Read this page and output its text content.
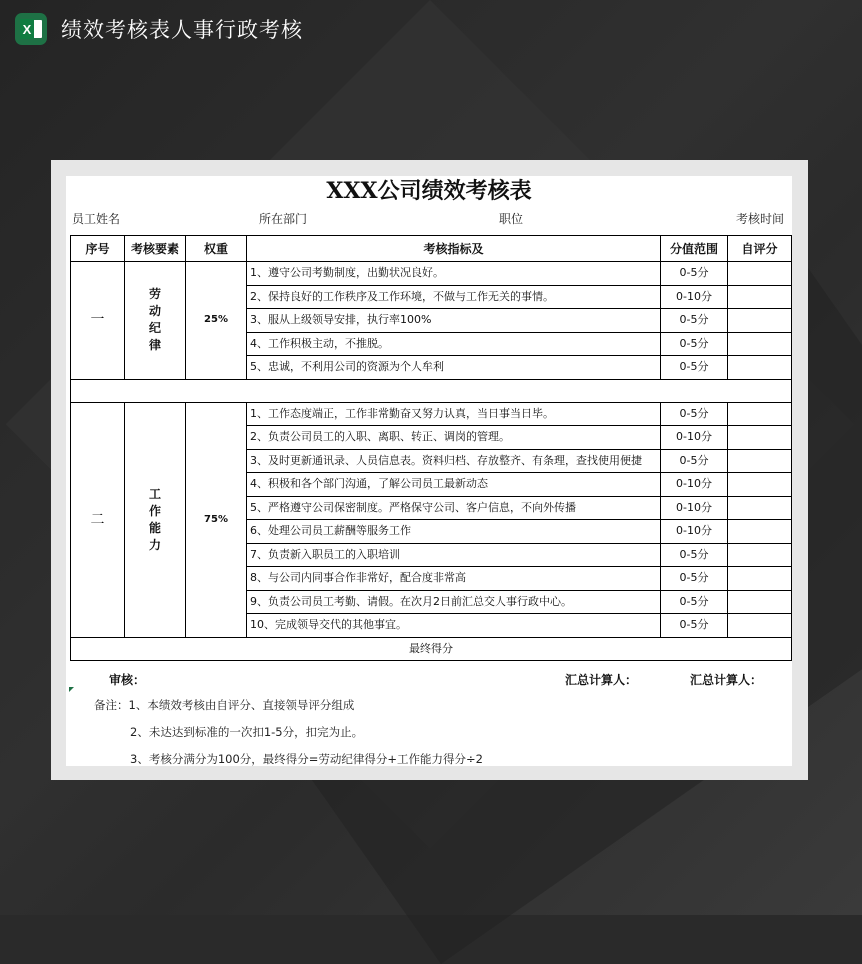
X 绩效考核表人事行政考核
XXX公司绩效考核表
员工姓名	所在部门	职位	考核时间
序号	考核要素	权重	考核指标及	分值范围	自评分
一	劳动纪律	25%	1、遵守公司考勤制度，出勤状况良好。	0-5分	
			2、保持良好的工作秩序及工作环境，不做与工作无关的事情。	0-10分	
			3、服从上级领导安排，执行率100%	0-5分	
			4、工作积极主动，不推脱。	0-5分	
			5、忠诚，不利用公司的资源为个人牟利	0-5分	

二	工作能力	75%	1、工作态度端正，工作非常勤奋又努力认真，当日事当日毕。	0-5分	
			2、负责公司员工的入职、离职、转正、调岗的管理。	0-10分	
			3、及时更新通讯录、人员信息表。资料归档、存放整齐、有条理，查找使用便捷	0-5分	
			4、积极和各个部门沟通，了解公司员工最新动态	0-10分	
			5、严格遵守公司保密制度。严格保守公司、客户信息，不向外传播	0-10分	
			6、处理公司员工薪酬等服务工作	0-10分	
			7、负责新入职员工的入职培训	0-5分	
			8、与公司内同事合作非常好，配合度非常高	0-5分	
			9、负责公司员工考勤、请假。在次月2日前汇总交人事行政中心。	0-5分	
			10、完成领导交代的其他事宜。	0-5分	
最终得分					
审核：	汇总计算人：	汇总计算人：
备注：1、本绩效考核由自评分、直接领导评分组成
2、未达达到标准的一次扣1-5分，扣完为止。
3、考核分满分为100分，最终得分=劳动纪律得分+工作能力得分÷2
